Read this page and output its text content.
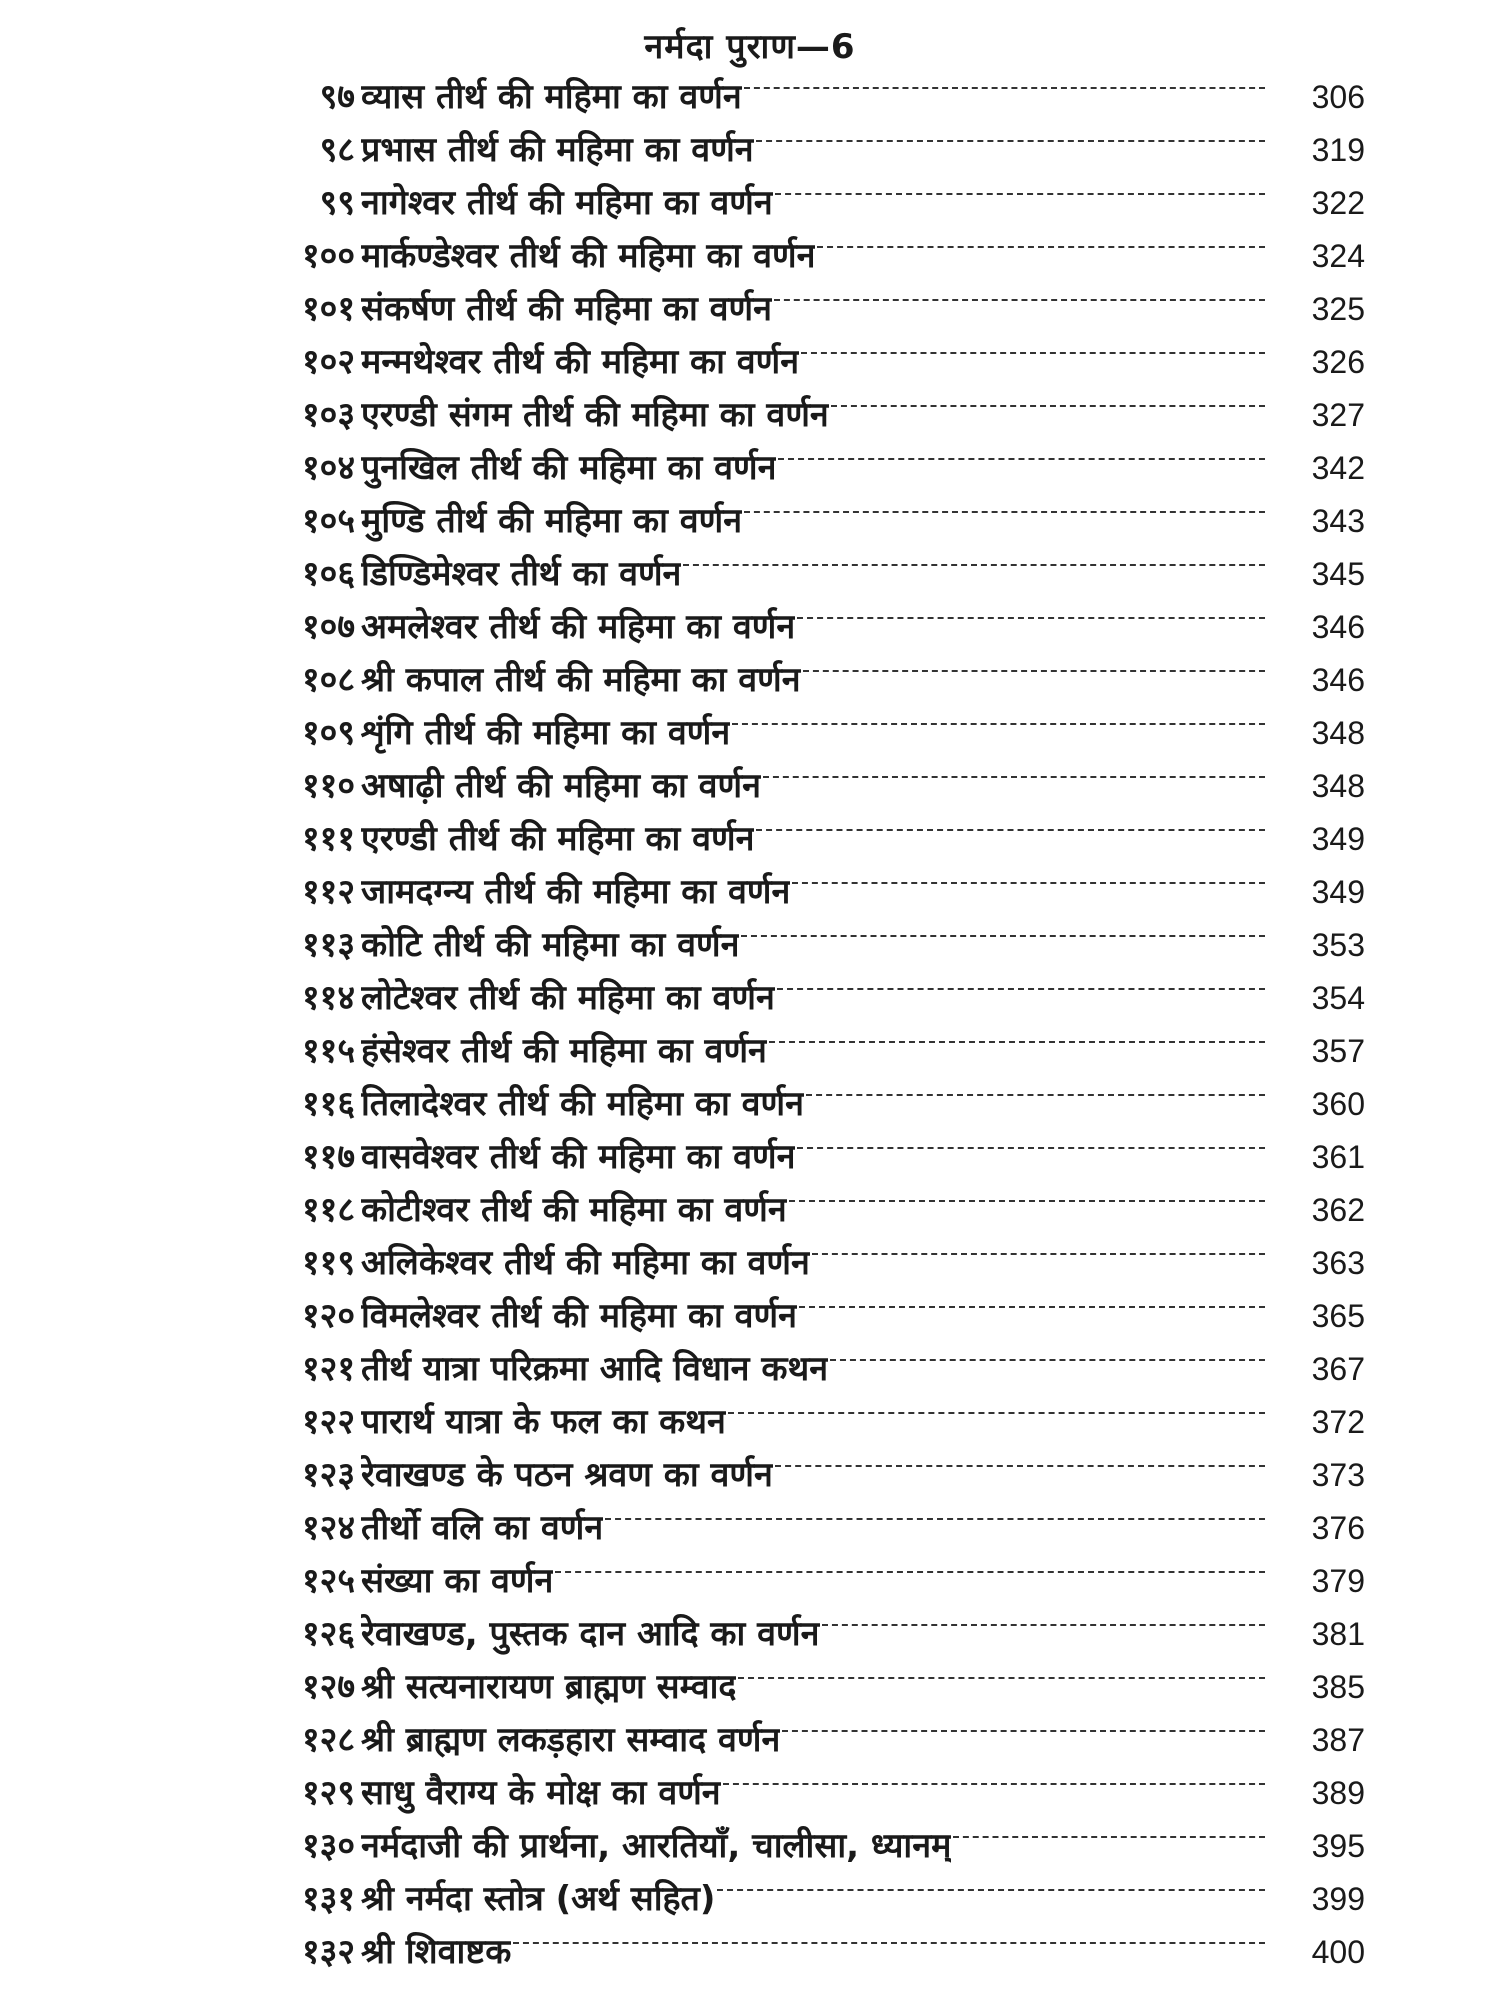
नर्मदा पुराण—6
९७ व्यास तीर्थ की महिमा का वर्णन	306
९८ प्रभास तीर्थ की महिमा का वर्णन	319
९९ नागेश्वर तीर्थ की महिमा का वर्णन	322
१०० मार्कण्डेश्वर तीर्थ की महिमा का वर्णन	324
१०१ संकर्षण तीर्थ की महिमा का वर्णन	325
१०२ मन्मथेश्वर तीर्थ की महिमा का वर्णन	326
१०३ एरण्डी संगम तीर्थ की महिमा का वर्णन	327
१०४ पुनखिल तीर्थ की महिमा का वर्णन	342
१०५ मुण्डि तीर्थ की महिमा का वर्णन	343
१०६ डिण्डिमेश्वर तीर्थ का वर्णन	345
१०७ अमलेश्वर तीर्थ की महिमा का वर्णन	346
१०८ श्री कपाल तीर्थ की महिमा का वर्णन	346
१०९ शृंगि तीर्थ की महिमा का वर्णन	348
११० अषाढ़ी तीर्थ की महिमा का वर्णन	348
१११ एरण्डी तीर्थ की महिमा का वर्णन	349
११२ जामदग्न्य तीर्थ की महिमा का वर्णन	349
११३ कोटि तीर्थ की महिमा का वर्णन	353
११४ लोटेश्वर तीर्थ की महिमा का वर्णन	354
११५ हंसेश्वर तीर्थ की महिमा का वर्णन	357
११६ तिलादेश्वर तीर्थ की महिमा का वर्णन	360
११७ वासवेश्वर तीर्थ की महिमा का वर्णन	361
११८ कोटीश्वर तीर्थ की महिमा का वर्णन	362
११९ अलिकेश्वर तीर्थ की महिमा का वर्णन	363
१२० विमलेश्वर तीर्थ की महिमा का वर्णन	365
१२१ तीर्थ यात्रा परिक्रमा आदि विधान कथन	367
१२२ पारार्थ यात्रा के फल का कथन	372
१२३ रेवाखण्ड के पठन श्रवण का वर्णन	373
१२४ तीर्थो वलि का वर्णन	376
१२५ संख्या का वर्णन	379
१२६ रेवाखण्ड, पुस्तक दान आदि का वर्णन	381
१२७ श्री सत्यनारायण ब्राह्मण सम्वाद	385
१२८ श्री ब्राह्मण लकड़हारा सम्वाद वर्णन	387
१२९ साधु वैराग्य के मोक्ष का वर्णन	389
१३० नर्मदाजी की प्रार्थना, आरतियाँ, चालीसा, ध्यानम्	395
१३१ श्री नर्मदा स्तोत्र (अर्थ सहित)	399
१३२ श्री शिवाष्टक	400
